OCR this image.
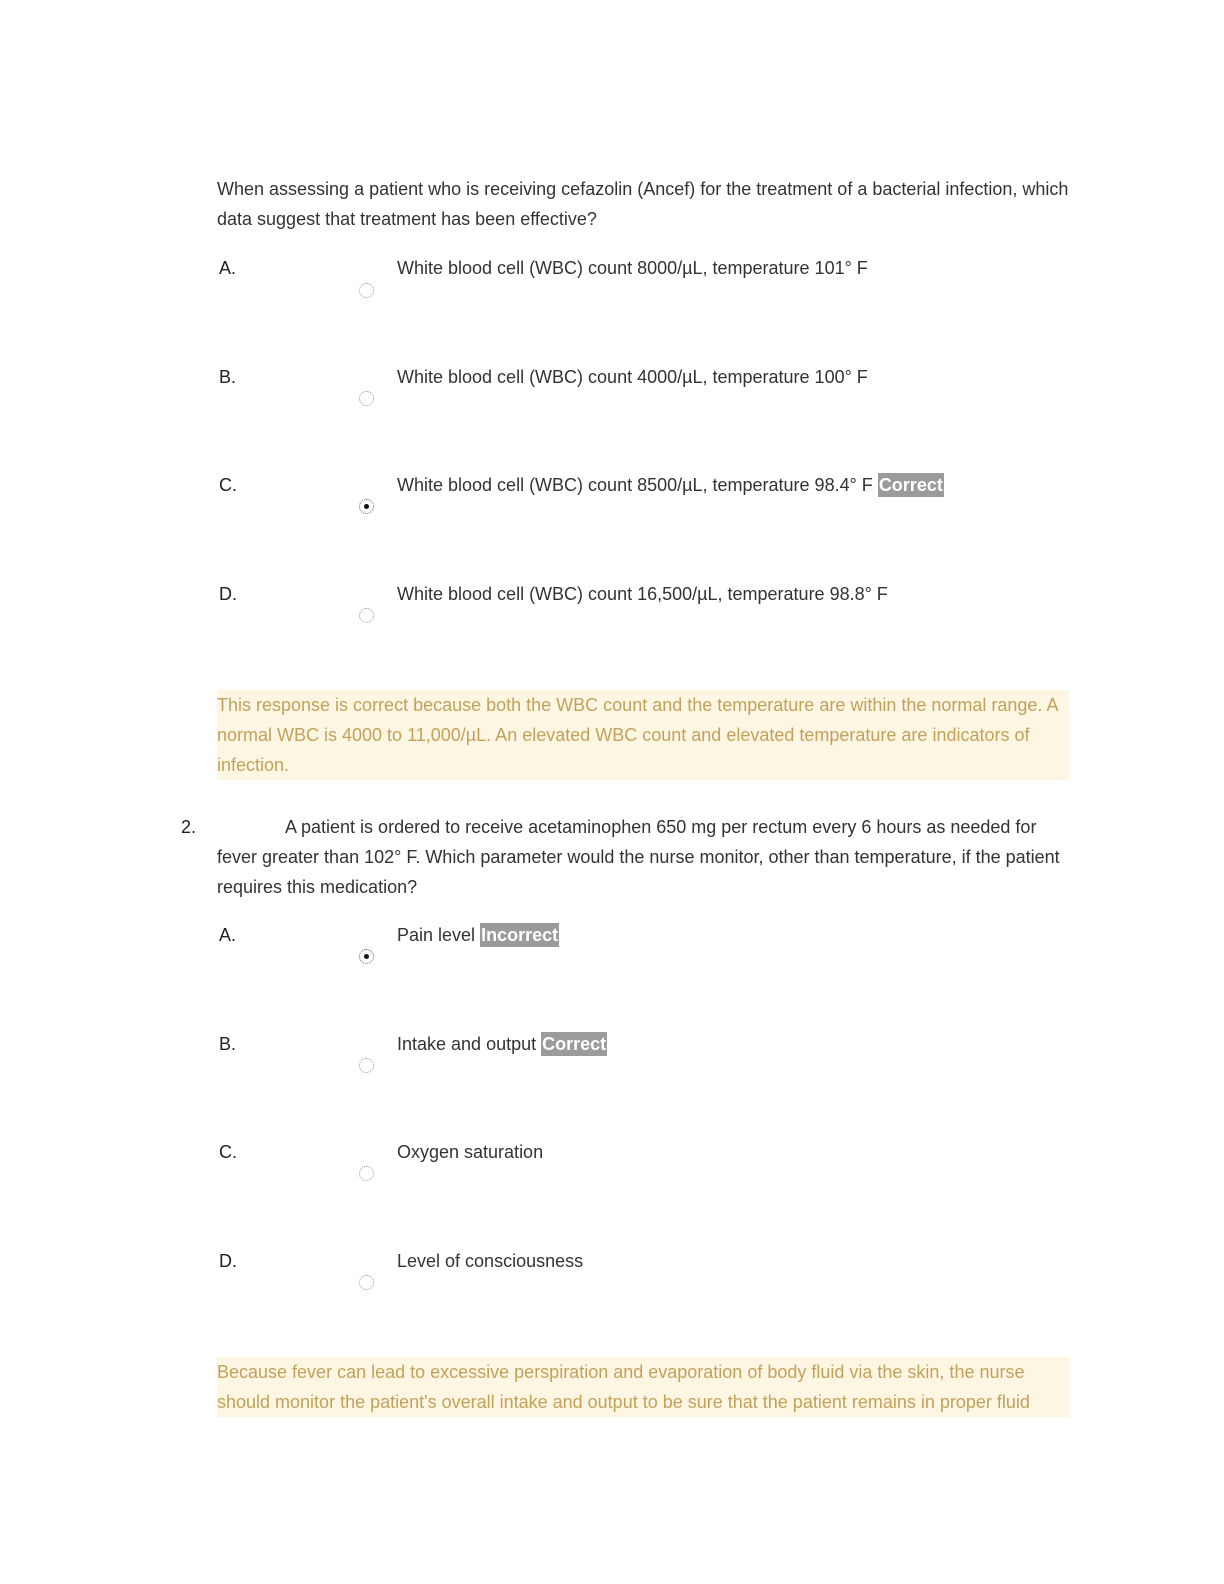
When assessing a patient who is receiving cefazolin (Ancef) for the treatment of a bacterial infection, which data suggest that treatment has been effective?
A.	White blood cell (WBC) count 8000/µL, temperature 101° F
B.	White blood cell (WBC) count 4000/µL, temperature 100° F
C.	White blood cell (WBC) count 8500/µL, temperature 98.4° F Correct
D.	White blood cell (WBC) count 16,500/µL, temperature 98.8° F
This response is correct because both the WBC count and the temperature are within the normal range. A normal WBC is 4000 to 11,000/µL. An elevated WBC count and elevated temperature are indicators of infection.
2.	A patient is ordered to receive acetaminophen 650 mg per rectum every 6 hours as needed for fever greater than 102° F. Which parameter would the nurse monitor, other than temperature, if the patient requires this medication?
A.	Pain level Incorrect
B.	Intake and output Correct
C.	Oxygen saturation
D.	Level of consciousness
Because fever can lead to excessive perspiration and evaporation of body fluid via the skin, the nurse should monitor the patient's overall intake and output to be sure that the patient remains in proper fluid
